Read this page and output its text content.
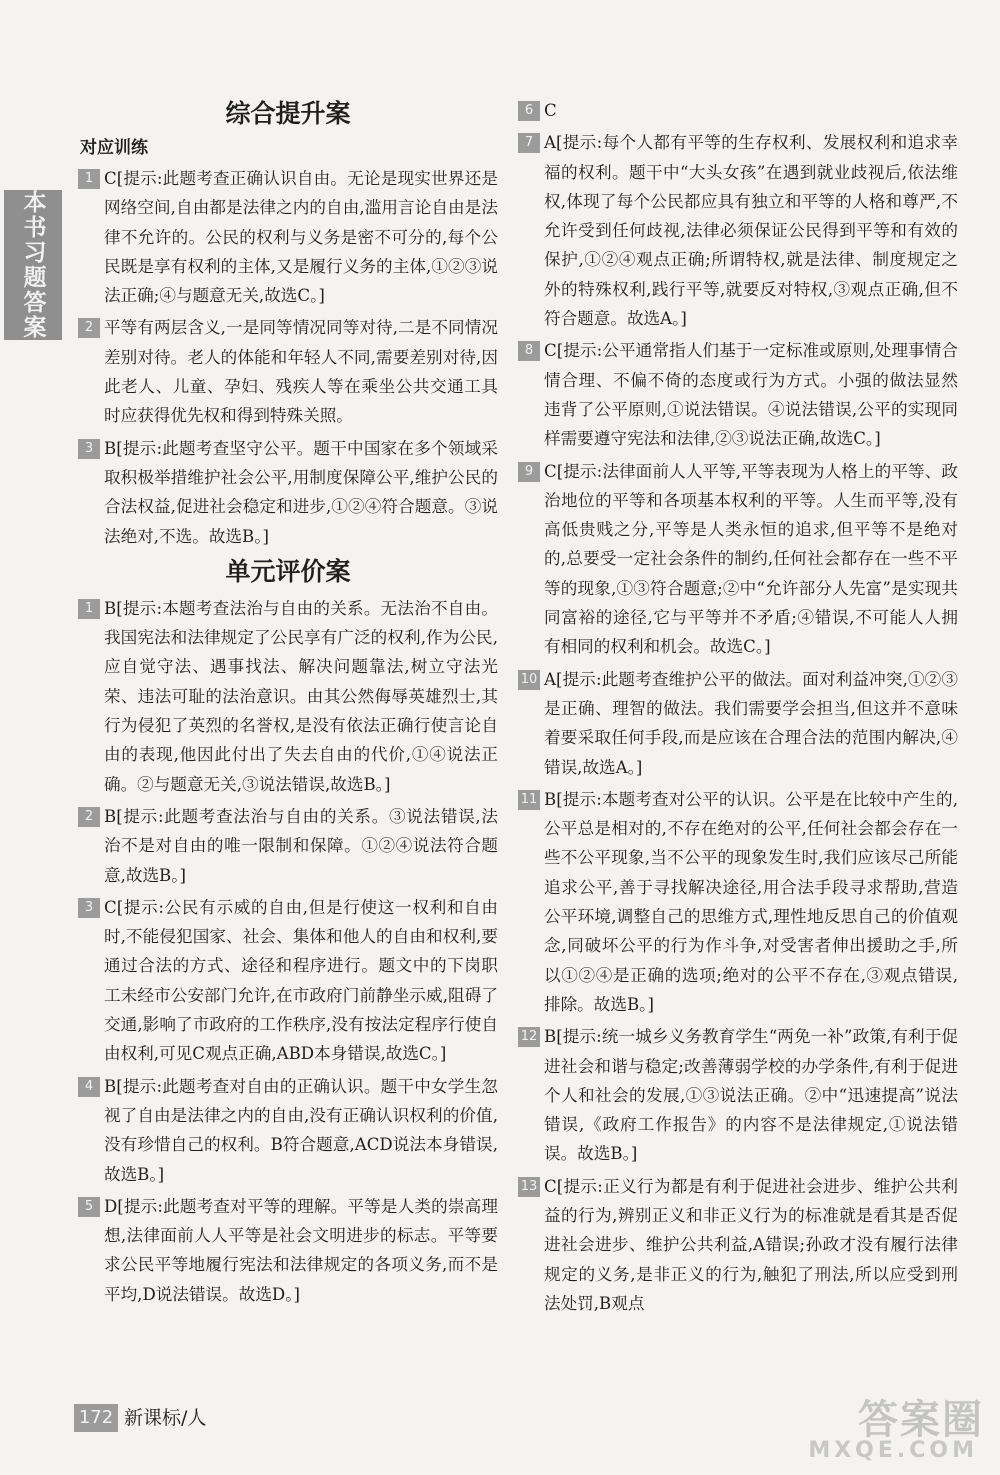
本书习题答案
综合提升案
对应训练
1 C[提示:此题考查正确认识自由。无论是现实世界还是网络空间,自由都是法律之内的自由,滥用言论自由是法律不允许的。公民的权利与义务是密不可分的,每个公民既是享有权利的主体,又是履行义务的主体,①②③说法正确;④与题意无关,故选C。]
2 平等有两层含义,一是同等情况同等对待,二是不同情况差别对待。老人的体能和年轻人不同,需要差别对待,因此老人、儿童、孕妇、残疾人等在乘坐公共交通工具时应获得优先权和得到特殊关照。
3 B[提示:此题考查坚守公平。题干中国家在多个领域采取积极举措维护社会公平,用制度保障公平,维护公民的合法权益,促进社会稳定和进步,①②④符合题意。③说法绝对,不选。故选B。]
单元评价案
1 B[提示:本题考查法治与自由的关系。无法治不自由。我国宪法和法律规定了公民享有广泛的权利,作为公民,应自觉守法、遇事找法、解决问题靠法,树立守法光荣、违法可耻的法治意识。由其公然侮辱英雄烈士,其行为侵犯了英烈的名誉权,是没有依法正确行使言论自由的表现,他因此付出了失去自由的代价,①④说法正确。②与题意无关,③说法错误,故选B。]
2 B[提示:此题考查法治与自由的关系。③说法错误,法治不是对自由的唯一限制和保障。①②④说法符合题意,故选B。]
3 C[提示:公民有示威的自由,但是行使这一权利和自由时,不能侵犯国家、社会、集体和他人的自由和权利,要通过合法的方式、途径和程序进行。题文中的下岗职工未经市公安部门允许,在市政府门前静坐示威,阻碍了交通,影响了市政府的工作秩序,没有按法定程序行使自由权利,可见C观点正确,ABD本身错误,故选C。]
4 B[提示:此题考查对自由的正确认识。题干中女学生忽视了自由是法律之内的自由,没有正确认识权利的价值,没有珍惜自己的权利。B符合题意,ACD说法本身错误,故选B。]
5 D[提示:此题考查对平等的理解。平等是人类的崇高理想,法律面前人人平等是社会文明进步的标志。平等要求公民平等地履行宪法和法律规定的各项义务,而不是平均,D说法错误。故选D。]
6 C
7 A[提示:每个人都有平等的生存权利、发展权利和追求幸福的权利。题干中“大头女孩”在遇到就业歧视后,依法维权,体现了每个公民都应具有独立和平等的人格和尊严,不允许受到任何歧视,法律必须保证公民得到平等和有效的保护,①②④观点正确;所谓特权,就是法律、制度规定之外的特殊权利,践行平等,就要反对特权,③观点正确,但不符合题意。故选A。]
8 C[提示:公平通常指人们基于一定标准或原则,处理事情合情合理、不偏不倚的态度或行为方式。小强的做法显然违背了公平原则,①说法错误。④说法错误,公平的实现同样需要遵守宪法和法律,②③说法正确,故选C。]
9 C[提示:法律面前人人平等,平等表现为人格上的平等、政治地位的平等和各项基本权利的平等。人生而平等,没有高低贵贱之分,平等是人类永恒的追求,但平等不是绝对的,总要受一定社会条件的制约,任何社会都存在一些不平等的现象,①③符合题意;②中“允许部分人先富”是实现共同富裕的途径,它与平等并不矛盾;④错误,不可能人人拥有相同的权利和机会。故选C。]
10 A[提示:此题考查维护公平的做法。面对利益冲突,①②③是正确、理智的做法。我们需要学会担当,但这并不意味着要采取任何手段,而是应该在合理合法的范围内解决,④错误,故选A。]
11 B[提示:本题考查对公平的认识。公平是在比较中产生的,公平总是相对的,不存在绝对的公平,任何社会都会存在一些不公平现象,当不公平的现象发生时,我们应该尽己所能追求公平,善于寻找解决途径,用合法手段寻求帮助,营造公平环境,调整自己的思维方式,理性地反思自己的价值观念,同破坏公平的行为作斗争,对受害者伸出援助之手,所以①②④是正确的选项;绝对的公平不存在,③观点错误,排除。故选B。]
12 B[提示:统一城乡义务教育学生“两免一补”政策,有利于促进社会和谐与稳定;改善薄弱学校的办学条件,有利于促进个人和社会的发展,①③说法正确。②中“迅速提高”说法错误,《政府工作报告》的内容不是法律规定,①说法错误。故选B。]
13 C[提示:正义行为都是有利于促进社会进步、维护公共利益的行为,辨别正义和非正义行为的标准就是看其是否促进社会进步、维护公共利益,A错误;孙政才没有履行法律规定的义务,是非正义的行为,触犯了刑法,所以应受到刑法处罚,B观点
172 新课标/人	答案圈
MXQE.COM
